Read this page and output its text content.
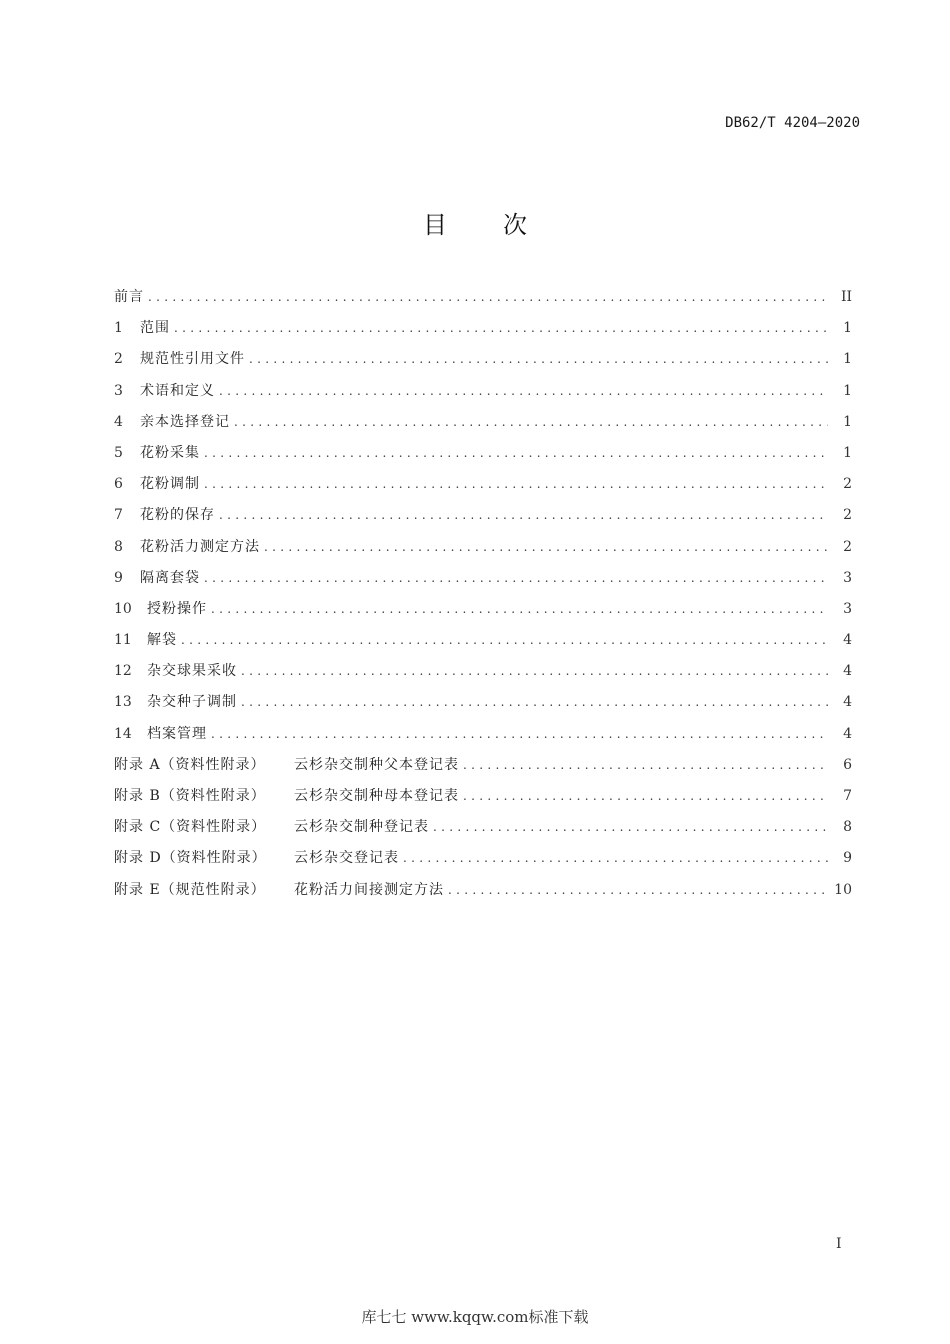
DB62/T 4204—2020
目 次
前言 .....	II
1	范围 .....	1
2	规范性引用文件 .....	1
3	术语和定义 .....	1
4	亲本选择登记 .....	1
5	花粉采集 .....	1
6	花粉调制 .....	2
7	花粉的保存 .....	2
8	花粉活力测定方法 .....	2
9	隔离套袋 .....	3
10	授粉操作 .....	3
11	解袋 .....	4
12	杂交球果采收 .....	4
13	杂交种子调制 .....	4
14	档案管理 .....	4
附录 A（资料性附录）	云杉杂交制种父本登记表 .....	6
附录 B（资料性附录）	云杉杂交制种母本登记表 .....	7
附录 C（资料性附录）	云杉杂交制种登记表 .....	8
附录 D（资料性附录）	云杉杂交登记表 .....	9
附录 E（规范性附录）	花粉活力间接测定方法 .....	10
I
库七七 www.kqqw.com标准下载
